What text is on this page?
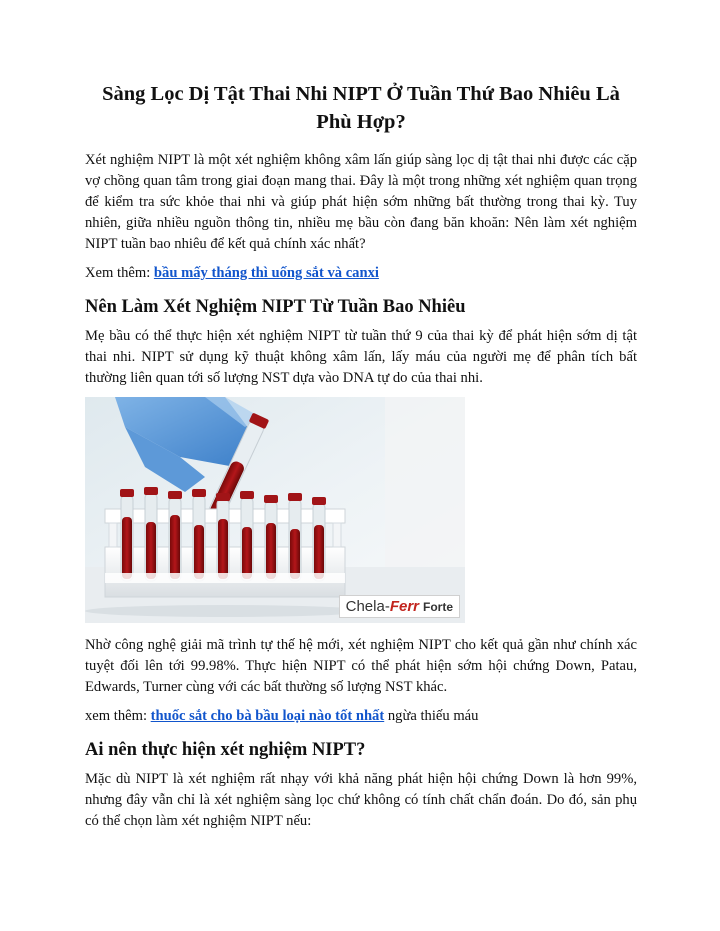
Sàng Lọc Dị Tật Thai Nhi NIPT Ở Tuần Thứ Bao Nhiêu Là Phù Hợp?

Xét nghiệm NIPT là một xét nghiệm không xâm lấn giúp sàng lọc dị tật thai nhi được các cặp vợ chồng quan tâm trong giai đoạn mang thai. Đây là một trong những xét nghiệm quan trọng để kiểm tra sức khỏe thai nhi và giúp phát hiện sớm những bất thường trong thai kỳ. Tuy nhiên, giữa nhiều nguồn thông tin, nhiều mẹ bầu còn đang băn khoăn: Nên làm xét nghiệm NIPT tuần bao nhiêu để kết quả chính xác nhất?

Xem thêm: bầu mấy tháng thì uống sắt và canxi

Nên Làm Xét Nghiệm NIPT Từ Tuần Bao Nhiêu

Mẹ bầu có thể thực hiện xét nghiệm NIPT từ tuần thứ 9 của thai kỳ để phát hiện sớm dị tật thai nhi. NIPT sử dụng kỹ thuật không xâm lấn, lấy máu của người mẹ để phân tích bất thường liên quan tới số lượng NST dựa vào DNA tự do của thai nhi.

Chela-Ferr Forte

Nhờ công nghệ giải mã trình tự thế hệ mới, xét nghiệm NIPT cho kết quả gần như chính xác tuyệt đối lên tới 99.98%. Thực hiện NIPT có thể phát hiện sớm hội chứng Down, Patau, Edwards, Turner cùng với các bất thường số lượng NST khác.

xem thêm: thuốc sắt cho bà bầu loại nào tốt nhất ngừa thiếu máu

Ai nên thực hiện xét nghiệm NIPT?

Mặc dù NIPT là xét nghiệm rất nhạy với khả năng phát hiện hội chứng Down là hơn 99%, nhưng đây vẫn chỉ là xét nghiệm sàng lọc chứ không có tính chất chẩn đoán. Do đó, sản phụ có thể chọn làm xét nghiệm NIPT nếu:
